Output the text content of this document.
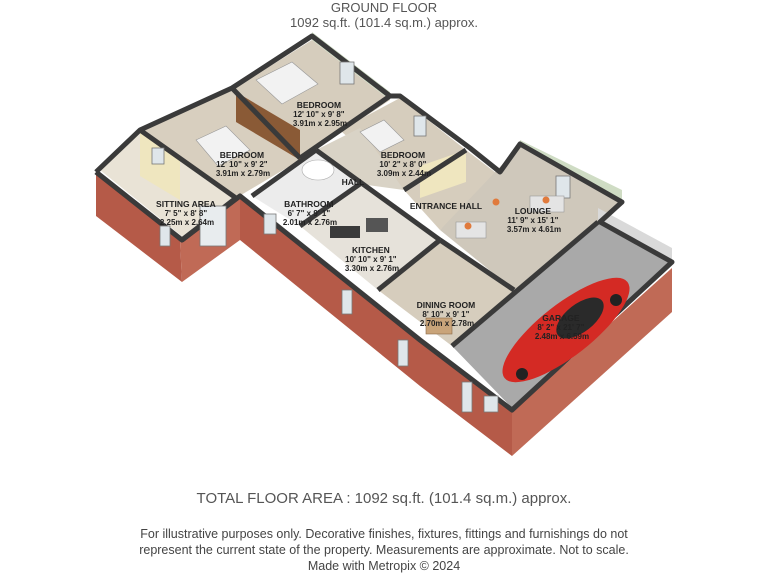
GROUND FLOOR
1092 sq.ft. (101.4 sq.m.) approx.
BEDROOM 12' 10" x 9' 8" 3.91m x 2.95m
BEDROOM 12' 10" x 9' 2" 3.91m x 2.79m
BEDROOM 10' 2" x 8' 0" 3.09m x 2.44m
SITTING AREA 7' 5" x 8' 8" 2.25m x 2.64m
BATHROOM 6' 7" x 9' 1" 2.01m x 2.76m
HALL
ENTRANCE HALL	LOUNGE 11' 9" x 15' 1" 3.57m x 4.61m
KITCHEN 10' 10" x 9' 1" 3.30m x 2.76m
DINING ROOM 8' 10" x 9' 1" 2.70m x 2.78m
GARAGE 8' 2" x 21' 7" 2.48m x 6.59m
TOTAL FLOOR AREA : 1092 sq.ft. (101.4 sq.m.) approx.
For illustrative purposes only. Decorative finishes, fixtures, fittings and furnishings do not
represent the current state of the property. Measurements are approximate. Not to scale.
Made with Metropix © 2024
